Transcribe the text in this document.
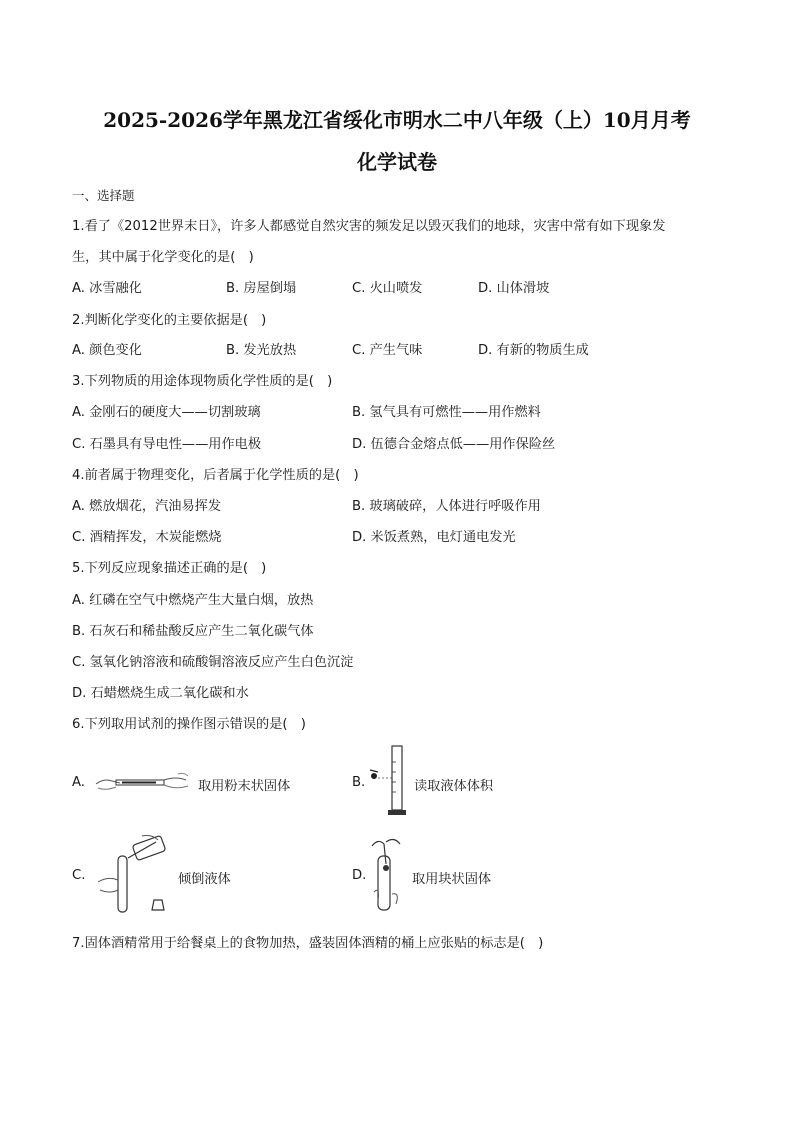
2025-2026学年黑龙江省绥化市明水二中八年级（上）10月月考
化学试卷
一、选择题
1.看了《2012世界末日》，许多人都感觉自然灾害的频发足以毁灭我们的地球，灾害中常有如下现象发
生，其中属于化学变化的是(　)
A. 冰雪融化	B. 房屋倒塌	C. 火山喷发	D. 山体滑坡
2.判断化学变化的主要依据是(　)
A. 颜色变化	B. 发光放热	C. 产生气味	D. 有新的物质生成
3.下列物质的用途体现物质化学性质的是(　)
A. 金刚石的硬度大——切割玻璃	B. 氢气具有可燃性——用作燃料
C. 石墨具有导电性——用作电极	D. 伍德合金熔点低——用作保险丝
4.前者属于物理变化，后者属于化学性质的是(　)
A. 燃放烟花，汽油易挥发	B. 玻璃破碎，人体进行呼吸作用
C. 酒精挥发，木炭能燃烧	D. 米饭煮熟，电灯通电发光
5.下列反应现象描述正确的是(　)
A. 红磷在空气中燃烧产生大量白烟，放热
B. 石灰石和稀盐酸反应产生二氧化碳气体
C. 氢氧化钠溶液和硫酸铜溶液反应产生白色沉淀
D. 石蜡燃烧生成二氧化碳和水
6.下列取用试剂的操作图示错误的是(　)
A.	取用粉末状固体	B.	读取液体体积
C.	倾倒液体	D.	取用块状固体
7.固体酒精常用于给餐桌上的食物加热，盛装固体酒精的桶上应张贴的标志是(　)
